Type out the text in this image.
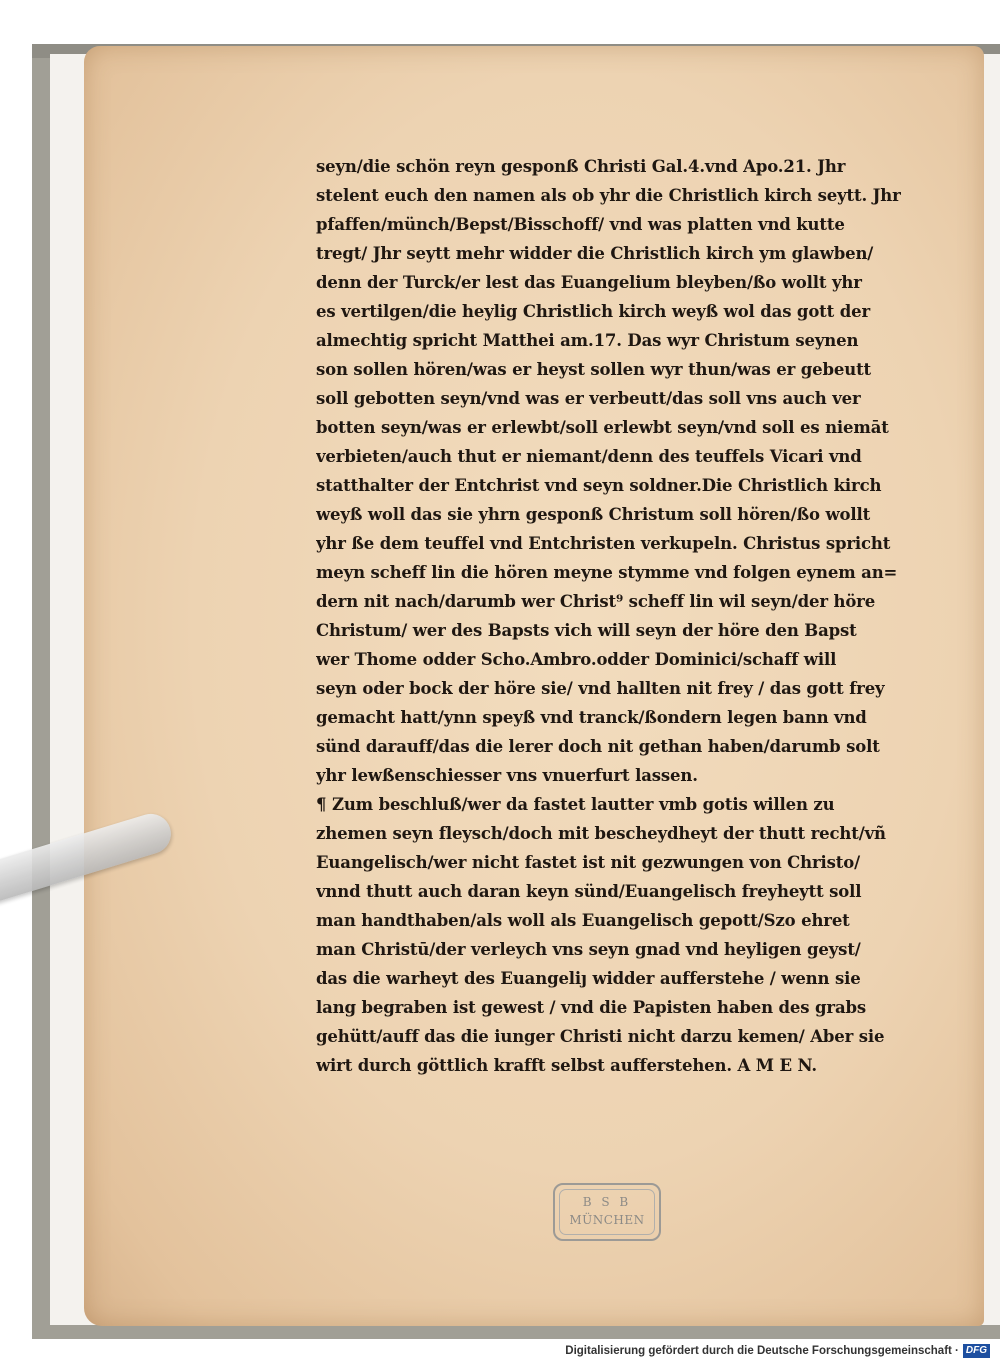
seyn/die schön reyn gesponß Christi Gal.4.vnd Apo.21. Jhr
stelent euch den namen als ob yhr die Christlich kirch seytt. Jhr
pfaffen/münch/Bepst/Bisschoff/ vnd was platten vnd kutte
tregt/ Jhr seytt mehr widder die Christlich kirch ym glawben/
denn der Turck/er lest das Euangelium bleyben/ßo wollt yhr
es vertilgen/die heylig Christlich kirch weyß wol das gott der
almechtig spricht Matthei am.17. Das wyr Christum seynen
son sollen hören/was er heyst sollen wyr thun/was er gebeutt
soll gebotten seyn/vnd was er verbeutt/das soll vns auch ver
botten seyn/was er erlewbt/soll erlewbt seyn/vnd soll es niemāt
verbieten/auch thut er niemant/denn des teuffels Vicari vnd
statthalter der Entchrist vnd seyn soldner.Die Christlich kirch
weyß woll das sie yhrn gesponß Christum soll hören/ßo wollt
yhr ße dem teuffel vnd Entchristen verkupeln. Christus spricht
meyn scheff lin die hören meyne stymme vnd folgen eynem an=
dern nit nach/darumb wer Christ⁹ scheff lin wil seyn/der höre
Christum/ wer des Bapsts vich will seyn der höre den Bapst
wer Thome odder Scho.Ambro.odder Dominici/schaff will
seyn oder bock der höre sie/ vnd hallten nit frey / das gott frey
gemacht hatt/ynn speyß vnd tranck/ßondern legen bann vnd
sünd darauff/das die lerer doch nit gethan haben/darumb solt
yhr lewßenschiesser vns vnuerfurt lassen.
¶ Zum beschluß/wer da fastet lautter vmb gotis willen zu
zhemen seyn fleysch/doch mit bescheydheyt der thutt recht/vñ
Euangelisch/wer nicht fastet ist nit gezwungen von Christo/
vnnd thutt auch daran keyn sünd/Euangelisch freyheytt soll
man handthaben/als woll als Euangelisch gepott/Szo ehret
man Christū/der verleych vns seyn gnad vnd heyligen geyst/
das die warheyt des Euangeliȷ widder aufferstehe / wenn sie
lang begraben ist gewest / vnd die Papisten haben des grabs
gehütt/auff das die iunger Christi nicht darzu kemen/ Aber sie
wirt durch göttlich krafft selbst aufferstehen. A M E N.
B S B
MÜNCHEN
Digitalisierung gefördert durch die Deutsche Forschungsgemeinschaft · DFG
